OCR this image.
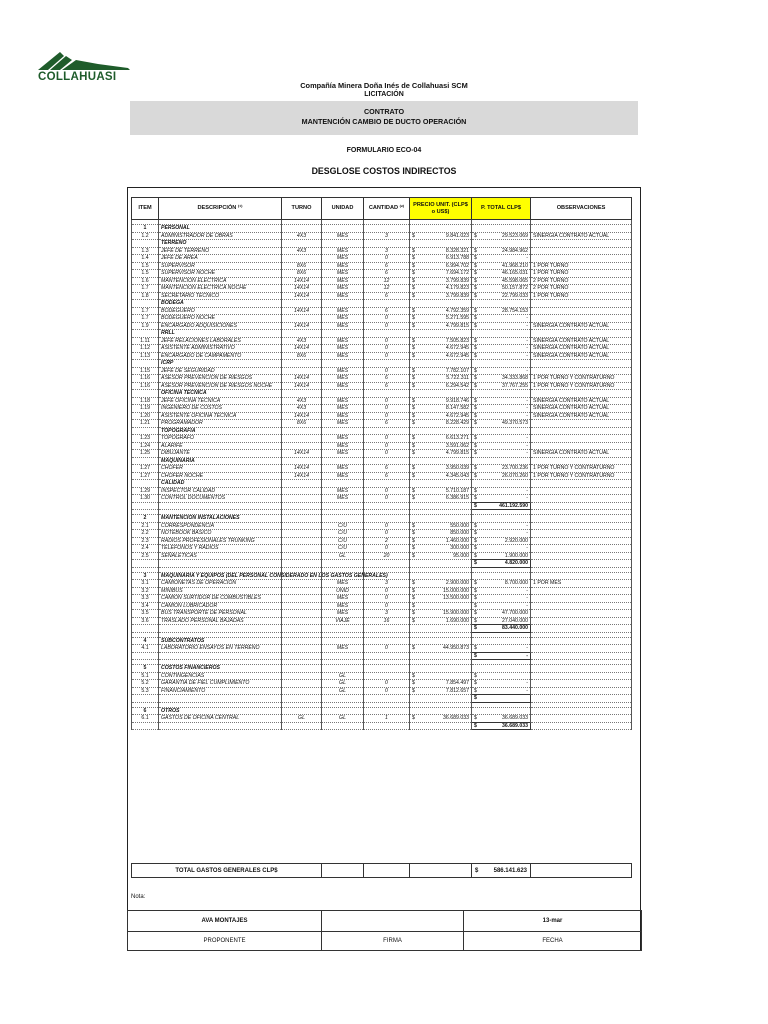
COLLAHUASI
Compañía Minera Doña Inés de Collahuasi SCM
LICITACIÓN
CONTRATO
MANTENCIÓN CAMBIO DE DUCTO OPERACIÓN
FORMULARIO ECO-04
DESGLOSE COSTOS INDIRECTOS
ITEM	DESCRIPCIÓN ⁽¹⁾	TURNO	UNIDAD	CANTIDAD ⁽²⁾	PRECIO UNIT. (CLP$ o US$)	P. TOTAL CLP$	OBSERVACIONES

1	PERSONAL						
1.2	ADMINISTRADOR DE OBRAS	4X3	MES	3	$ 9.841.023	$ 29.523.069	SINERGIA CONTRATO ACTUAL
	TERRENO						
1.3	JEFE DE TERRENO	4X3	MES	3	$ 8.328.321	$ 24.984.962	

1.4	JEFE DE AREA		MES	0	$ 6.913.788	$ -	

1.5	SUPERVISOR	8X6	MES	6	$ 6.994.702	$ 41.968.210	1 POR TURNO
1.5	SUPERVISOR NOCHE	8X6	MES	6	$ 7.694.172	$ 46.165.031	1 POR TURNO
1.6	MANTENCION ELECTRICA	14X14	MES	12	$ 3.799.839	$ 45.598.065	2 POR TURNO
1.7	MANTENCION ELECTRICA NOCHE	14X14	MES	12	$ 4.179.823	$ 50.157.872	2 POR TURNO
1.8	SECRETARIO TECNICO	14X14	MES	6	$ 3.799.839	$ 22.799.033	1 POR TURNO
	BODEGA						
1.7	BODEGUERO	14X14	MES	6	$ 4.792.359	$ 28.754.153	

1.7	BODEGUERO NOCHE		MES	0	$ 5.271.595	$ -	

1.9	ENCARGADO ADQUISICIONES	14X14	MES	0	$ 4.799.815	$ -	SINERGIA CONTRATO ACTUAL
	RRLL						
1.11	JEFE RELACIONES LABORALES	4X3	MES	0	$ 7.505.823	$ -	SINERGIA CONTRATO ACTUAL
1.12	ASISTENTE ADMINISTRATIVO	14X14	MES	0	$ 4.672.945	$ -	SINERGIA CONTRATO ACTUAL
1.13	ENCARGADO DE CAMPAMENTO	8X6	MES	0	$ 4.672.945	$ -	SINERGIA CONTRATO ACTUAL
	ICRP						
1.15	JEFE DE SEGURIDAD		MES	0	$ 7.782.107	$ -	

1.16	ASESOR PREVENCION DE RIESGOS	14X14	MES	6	$ 5.722.311	$ 34.333.868	1 POR TURNO Y CONTRATURNO
1.16	ASESOR PREVENCION DE RIESGOS NOCHE	14X14	MES	6	$ 6.294.542	$ 37.767.255	1 POR TURNO Y CONTRATURNO
	OFICINA TECNICA						
1.18	JEFE OFICINA TECNICA	4X3	MES	0	$ 9.918.746	$ -	SINERGIA CONTRATO ACTUAL
1.19	INGENIERO DE COSTOS	4X3	MES	0	$ 8.147.582	$ -	SINERGIA CONTRATO ACTUAL
1.20	ASISTENTE OFICINA TECNICA	14X14	MES	0	$ 4.672.945	$ -	SINERGIA CONTRATO ACTUAL
1.21	PROGRAMADOR	8X6	MES	6	$ 8.228.429	$ 49.370.573	

	TOPOGRAFIA						
1.23	TOPOGRAFO		MES	0	$ 6.613.271	$ -	

1.24	ALARIFE		MES	0	$ 3.591.062	$ -	

1.25	DIBUJANTE	14X14	MES	0	$ 4.799.815	$ -	SINERGIA CONTRATO ACTUAL
	MAQUINARIA						
1.27	CHOFER	14X14	MES	6	$ 3.950.039	$ 23.700.236	1 POR TURNO Y CONTRATURNO
1.27	CHOFER NOCHE	14X14	MES	6	$ 4.345.043	$ 26.070.260	1 POR TURNO Y CONTRATURNO
	CALIDAD						
1.29	INSPECTOR CALIDAD		MES	0	$ 5.710.187	$ -	

1.30	CONTROL DOCUMENTOS		MES	0	$ 6.386.915	$ -	

						$ 461.192.590	

2	MANTENCION INSTALACIONES						
2.1	CORRESPONDENCIA		C/U	0	$ 550.000	$ -	

2.2	NOTEBOOK BASICO		C/U	0	$ 850.000	$ -	

2.3	RADIOS PROFESIONALES TRUNKING		C/U	2	$ 1.460.000	$ 2.920.000	

2.4	TELEFONOS Y RADIOS		C/U	0	$ 300.000	$ -	

2.5	SEÑALETICAS		GL	20	$ 95.000	$ 1.900.000	

						$ 4.820.000	

3	MAQUINARIA Y EQUIPOS (DEL PERSONAL CONSIDERADO EN LOS GASTOS GENERALES)						
3.1	CAMIONETAS DE OPERACIÓN		MES	3	$ 2.900.000	$ 8.700.000	1 POR MES
3.2	MINIBUS		UNID	0	$ 15.000.000	$ -	

3.3	CAMION SURTIDOR DE COMBUSTIBLES		MES	0	$ 13.500.000	$ -	

3.4	CAMION LUBRICADOR		MES	0	$	$ -	

3.5	BUS TRANSPORTE DE PERSONAL		MES	3	$ 15.900.000	$ 47.700.000	

3.6	TRASLADO PERSONAL BAJADAS		VIAJE	16	$ 1.690.000	$ 27.040.000	

						$ 83.440.000	

4	SUBCONTRATOS						
4.1	LABORATORIO ENSAYOS EN TERRENO		MES	0	$ 44.950.873	$ -	

						$ -	

5	COSTOS FINANCIEROS						
5.1	CONTINGENCIAS		GL		$	$	

5.2	GARANTIA DE FIEL CUMPLIMIENTO		GL	0	$ 7.854.497	$ -	

5.3	FINANCIAMIENTO		GL	0	$ 7.812.657	$ -	

						$	

6	OTROS						
6.1	GASTOS DE OFICINA CENTRAL	GL	GL	1	$ 36.689.033	$ 36.689.033	

						$ 36.689.033	

TOTAL GASTOS GENERALES CLP$				$	586.141.623

Nota:
AVA MONTAJES		13-mar
PROPONENTE	FIRMA	FECHA
